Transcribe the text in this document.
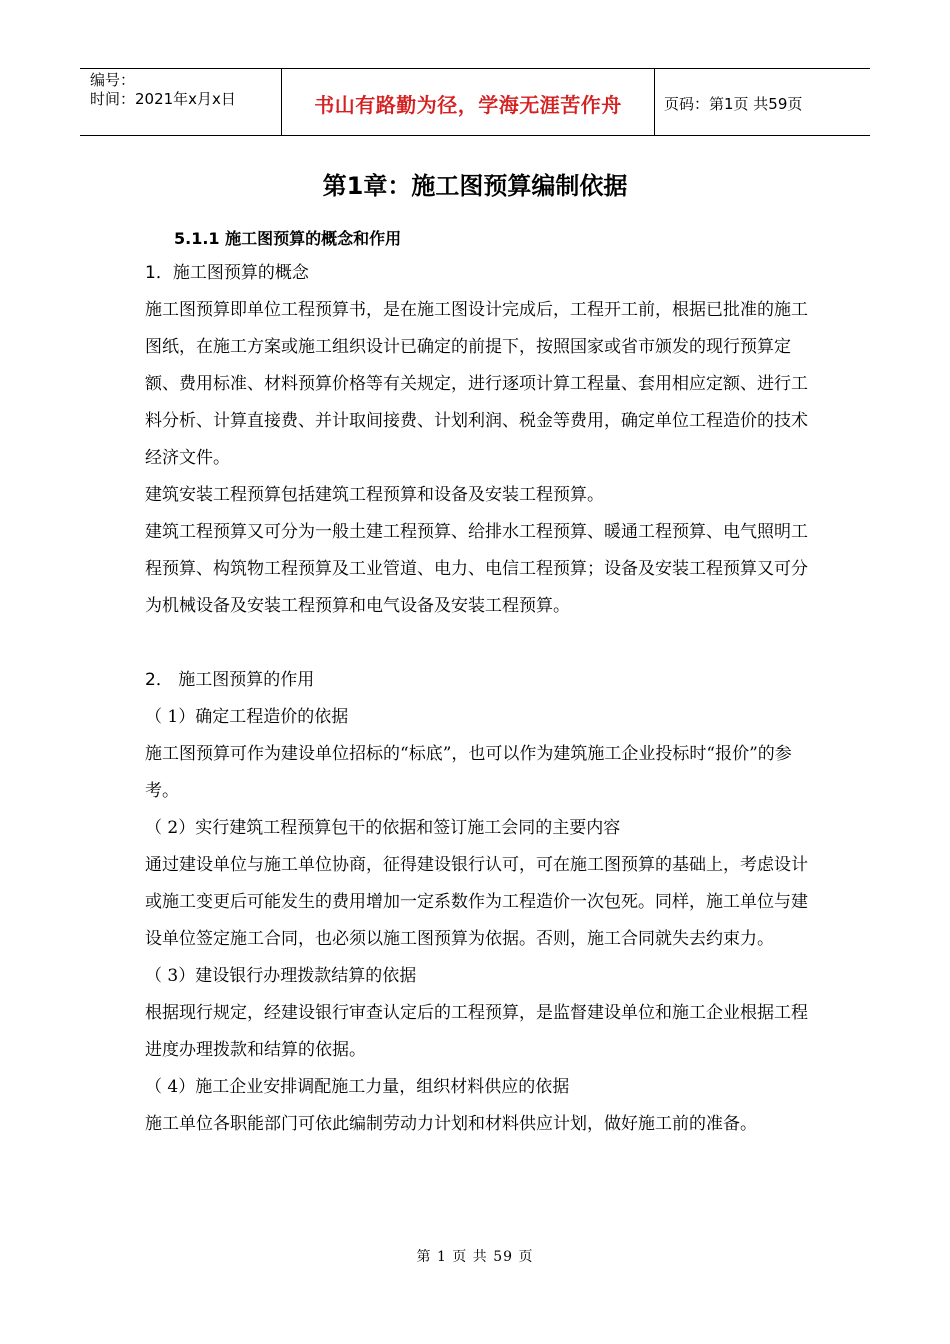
编号：
时间：2021年x月x日	书山有路勤为径，学海无涯苦作舟	页码：第1页 共59页
第1章：施工图预算编制依据
5.1.1 施工图预算的概念和作用

1．施工图预算的概念

施工图预算即单位工程预算书，是在施工图设计完成后，工程开工前，根据已批准的施工图纸，在施工方案或施工组织设计已确定的前提下，按照国家或省市颁发的现行预算定额、费用标准、材料预算价格等有关规定，进行逐项计算工程量、套用相应定额、进行工料分析、计算直接费、并计取间接费、计划利润、税金等费用，确定单位工程造价的技术经济文件。

建筑安装工程预算包括建筑工程预算和设备及安装工程预算。

建筑工程预算又可分为一般土建工程预算、给排水工程预算、暖通工程预算、电气照明工程预算、构筑物工程预算及工业管道、电力、电信工程预算；设备及安装工程预算又可分为机械设备及安装工程预算和电气设备及安装工程预算。

2． 施工图预算的作用

（ 1）确定工程造价的依据

施工图预算可作为建设单位招标的“标底”，也可以作为建筑施工企业投标时“报价”的参考。

（ 2）实行建筑工程预算包干的依据和签订施工会同的主要内容

通过建设单位与施工单位协商，征得建设银行认可，可在施工图预算的基础上，考虑设计或施工变更后可能发生的费用增加一定系数作为工程造价一次包死。同样，施工单位与建设单位签定施工合同，也必须以施工图预算为依据。否则，施工合同就失去约束力。

（ 3）建设银行办理拨款结算的依据

根据现行规定，经建设银行审查认定后的工程预算，是监督建设单位和施工企业根据工程进度办理拨款和结算的依据。

（ 4）施工企业安排调配施工力量，组织材料供应的依据

施工单位各职能部门可依此编制劳动力计划和材料供应计划，做好施工前的准备。

第 1 页 共 59 页
